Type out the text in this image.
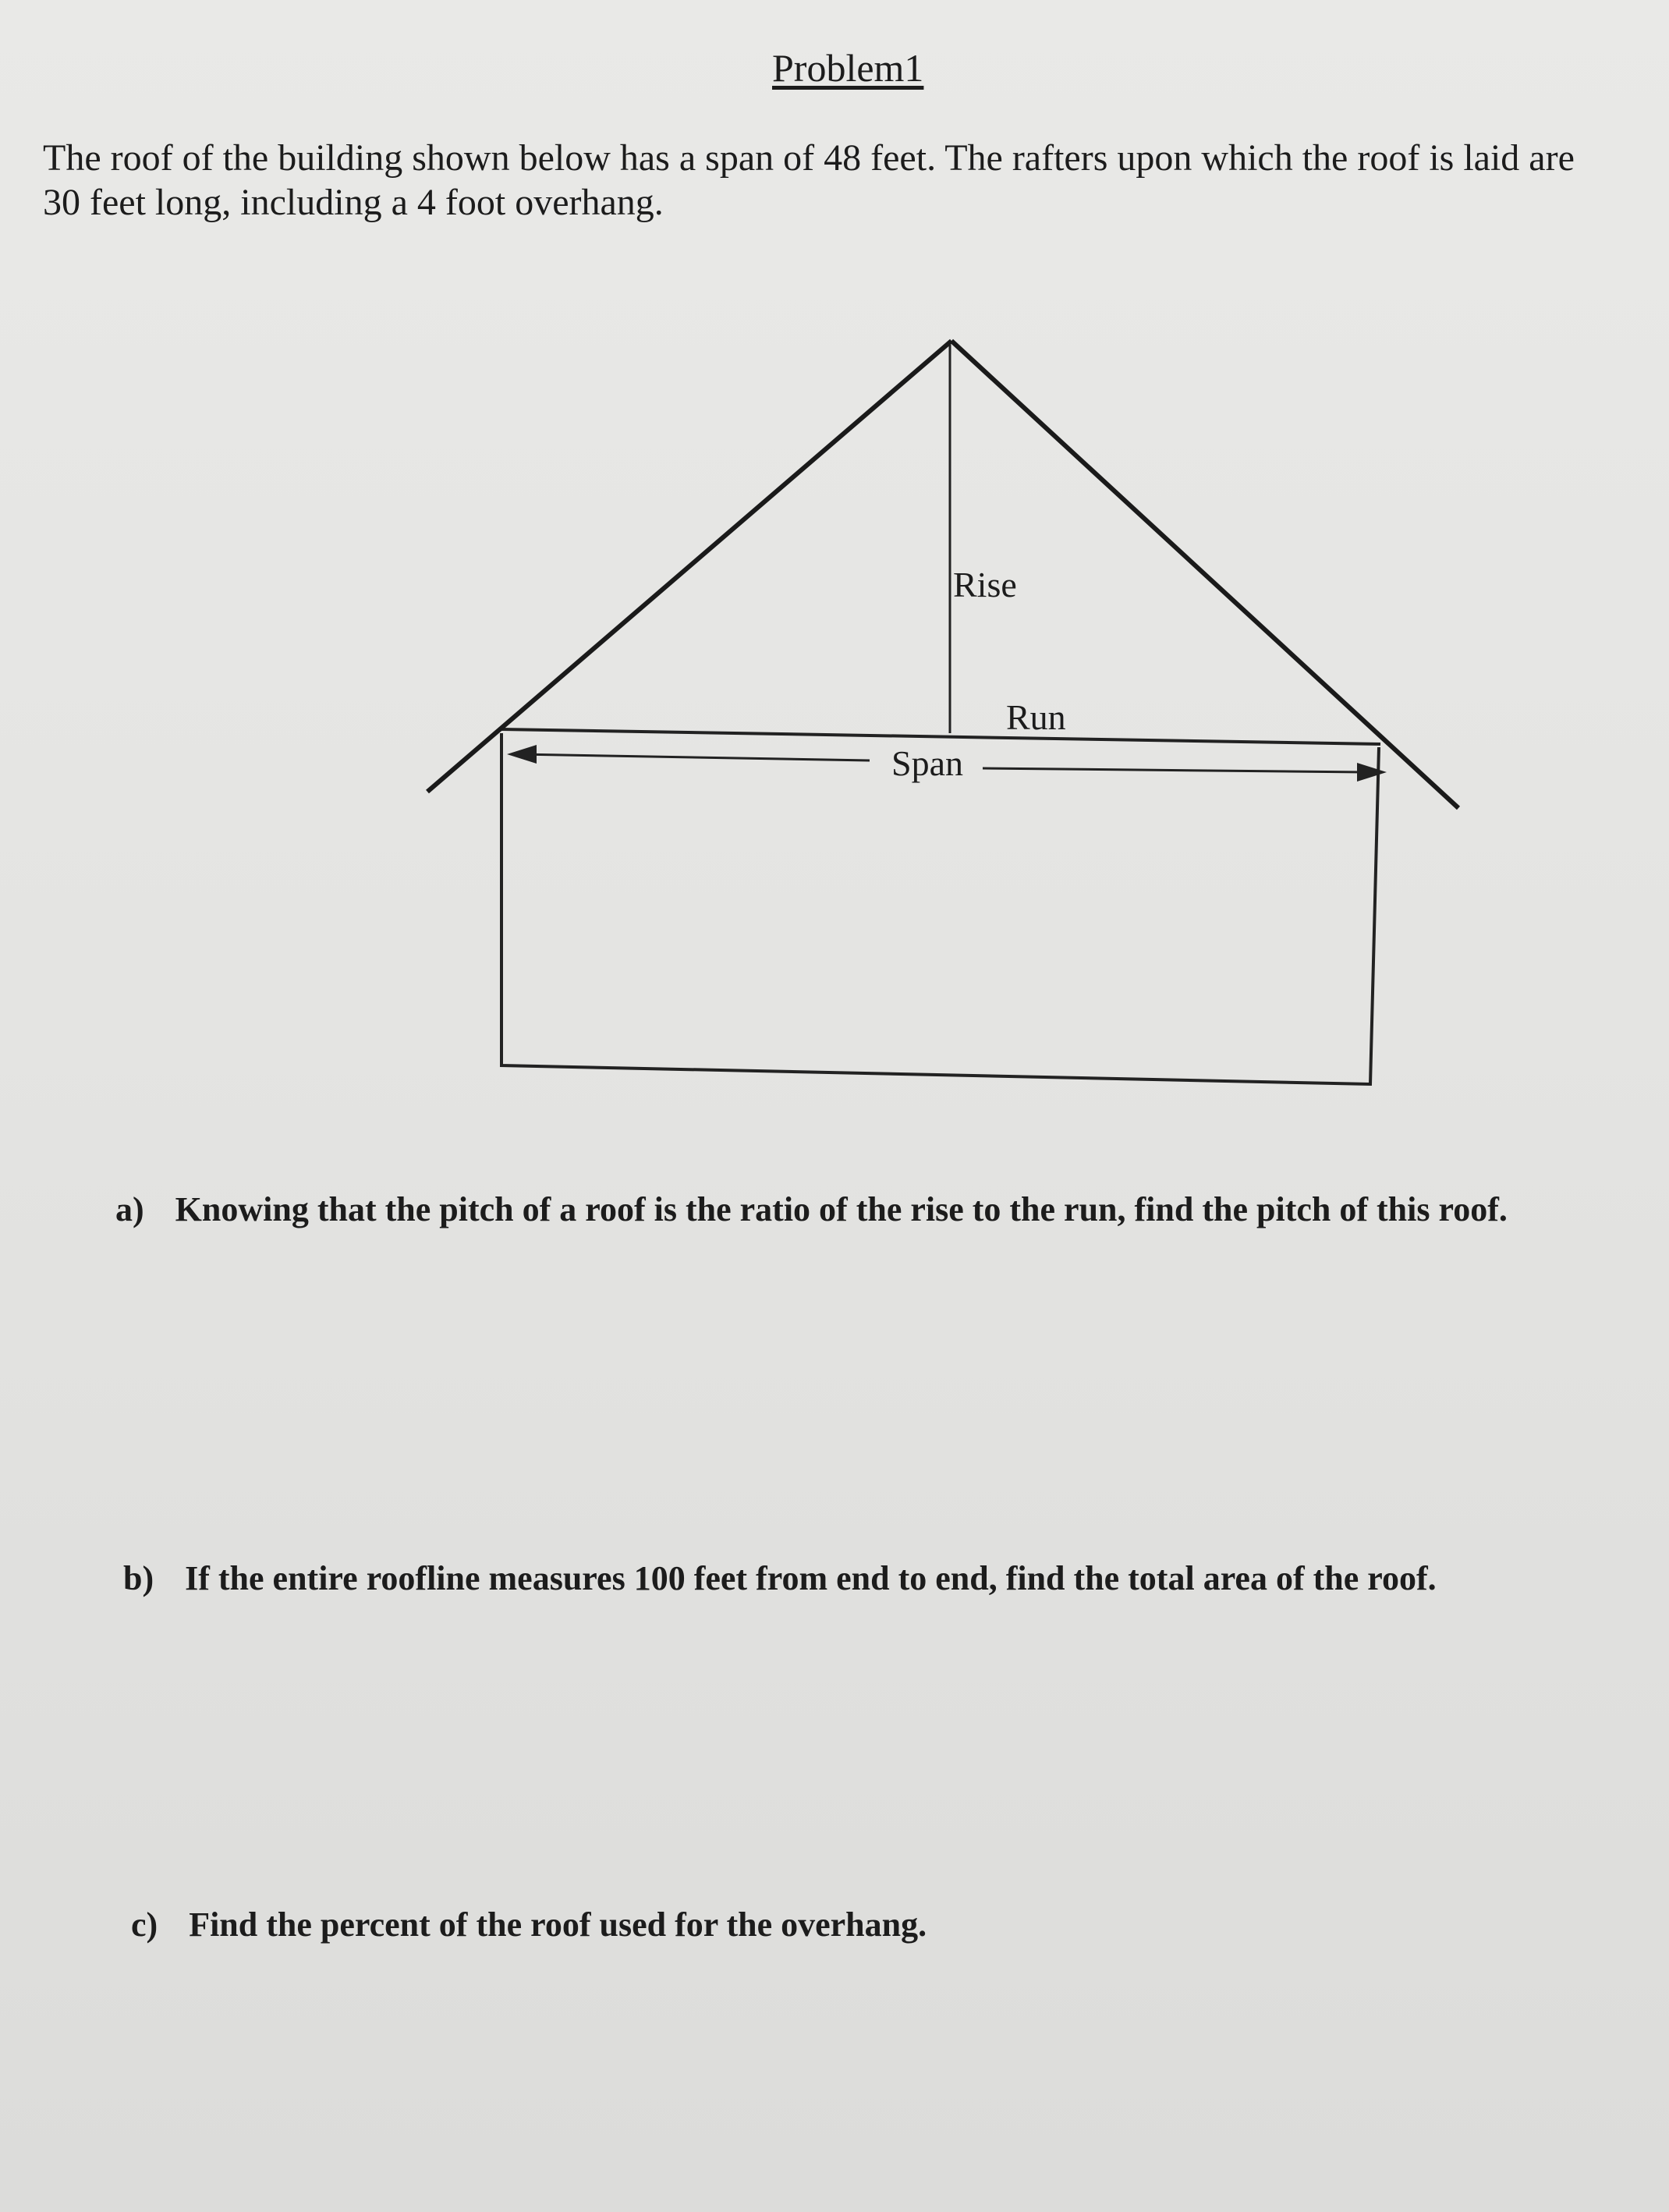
Problem1
The roof of the building shown below has a span of 48 feet. The rafters upon which the roof is laid are
30 feet long, including a 4 foot overhang.
Rise
Run
Span
a) Knowing that the pitch of a roof is the ratio of the rise to the run, find the pitch of this roof.
b) If the entire roofline measures 100 feet from end to end, find the total area of the roof.
c) Find the percent of the roof used for the overhang.
